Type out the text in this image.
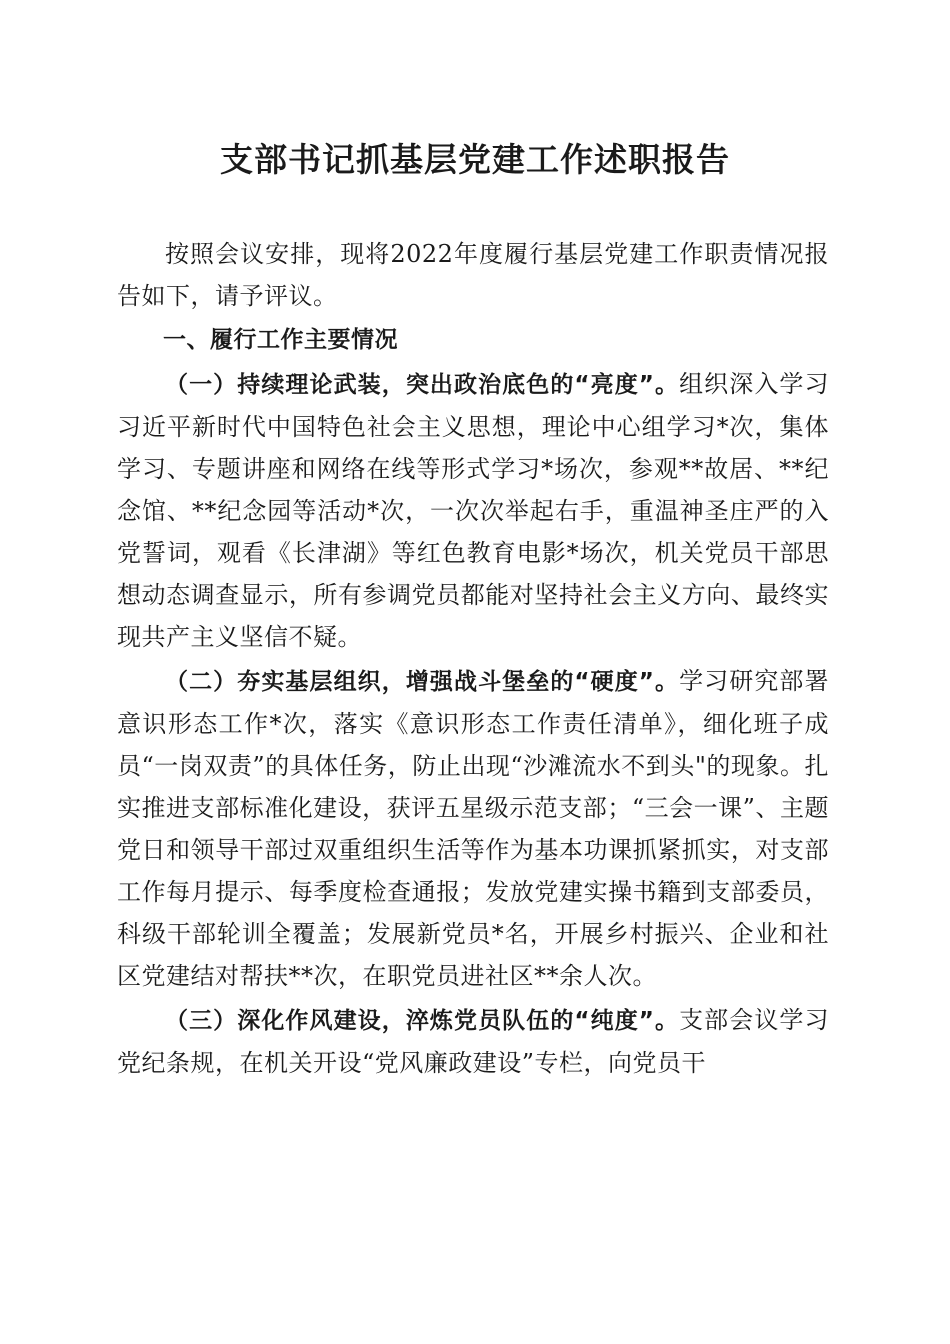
支部书记抓基层党建工作述职报告

按照会议安排，现将2022年度履行基层党建工作职责情况报告如下，请予评议。

一、履行工作主要情况

（一）持续理论武装，突出政治底色的“亮度”。组织深入学习习近平新时代中国特色社会主义思想，理论中心组学习*次，集体学习、专题讲座和网络在线等形式学习*场次，参观**故居、**纪念馆、**纪念园等活动*次，一次次举起右手，重温神圣庄严的入党誓词，观看《长津湖》等红色教育电影*场次，机关党员干部思想动态调查显示，所有参调党员都能对坚持社会主义方向、最终实现共产主义坚信不疑。

（二）夯实基层组织，增强战斗堡垒的“硬度”。学习研究部署意识形态工作*次，落实《意识形态工作责任清单》，细化班子成员“一岗双责”的具体任务，防止出现“沙滩流水不到头"的现象。扎实推进支部标准化建设，获评五星级示范支部；“三会一课”、主题党日和领导干部过双重组织生活等作为基本功课抓紧抓实，对支部工作每月提示、每季度检查通报；发放党建实操书籍到支部委员，科级干部轮训全覆盖；发展新党员*名，开展乡村振兴、企业和社区党建结对帮扶**次，在职党员进社区**余人次。

（三）深化作风建设，淬炼党员队伍的“纯度”。支部会议学习党纪条规，在机关开设“党风廉政建设”专栏，向党员干
